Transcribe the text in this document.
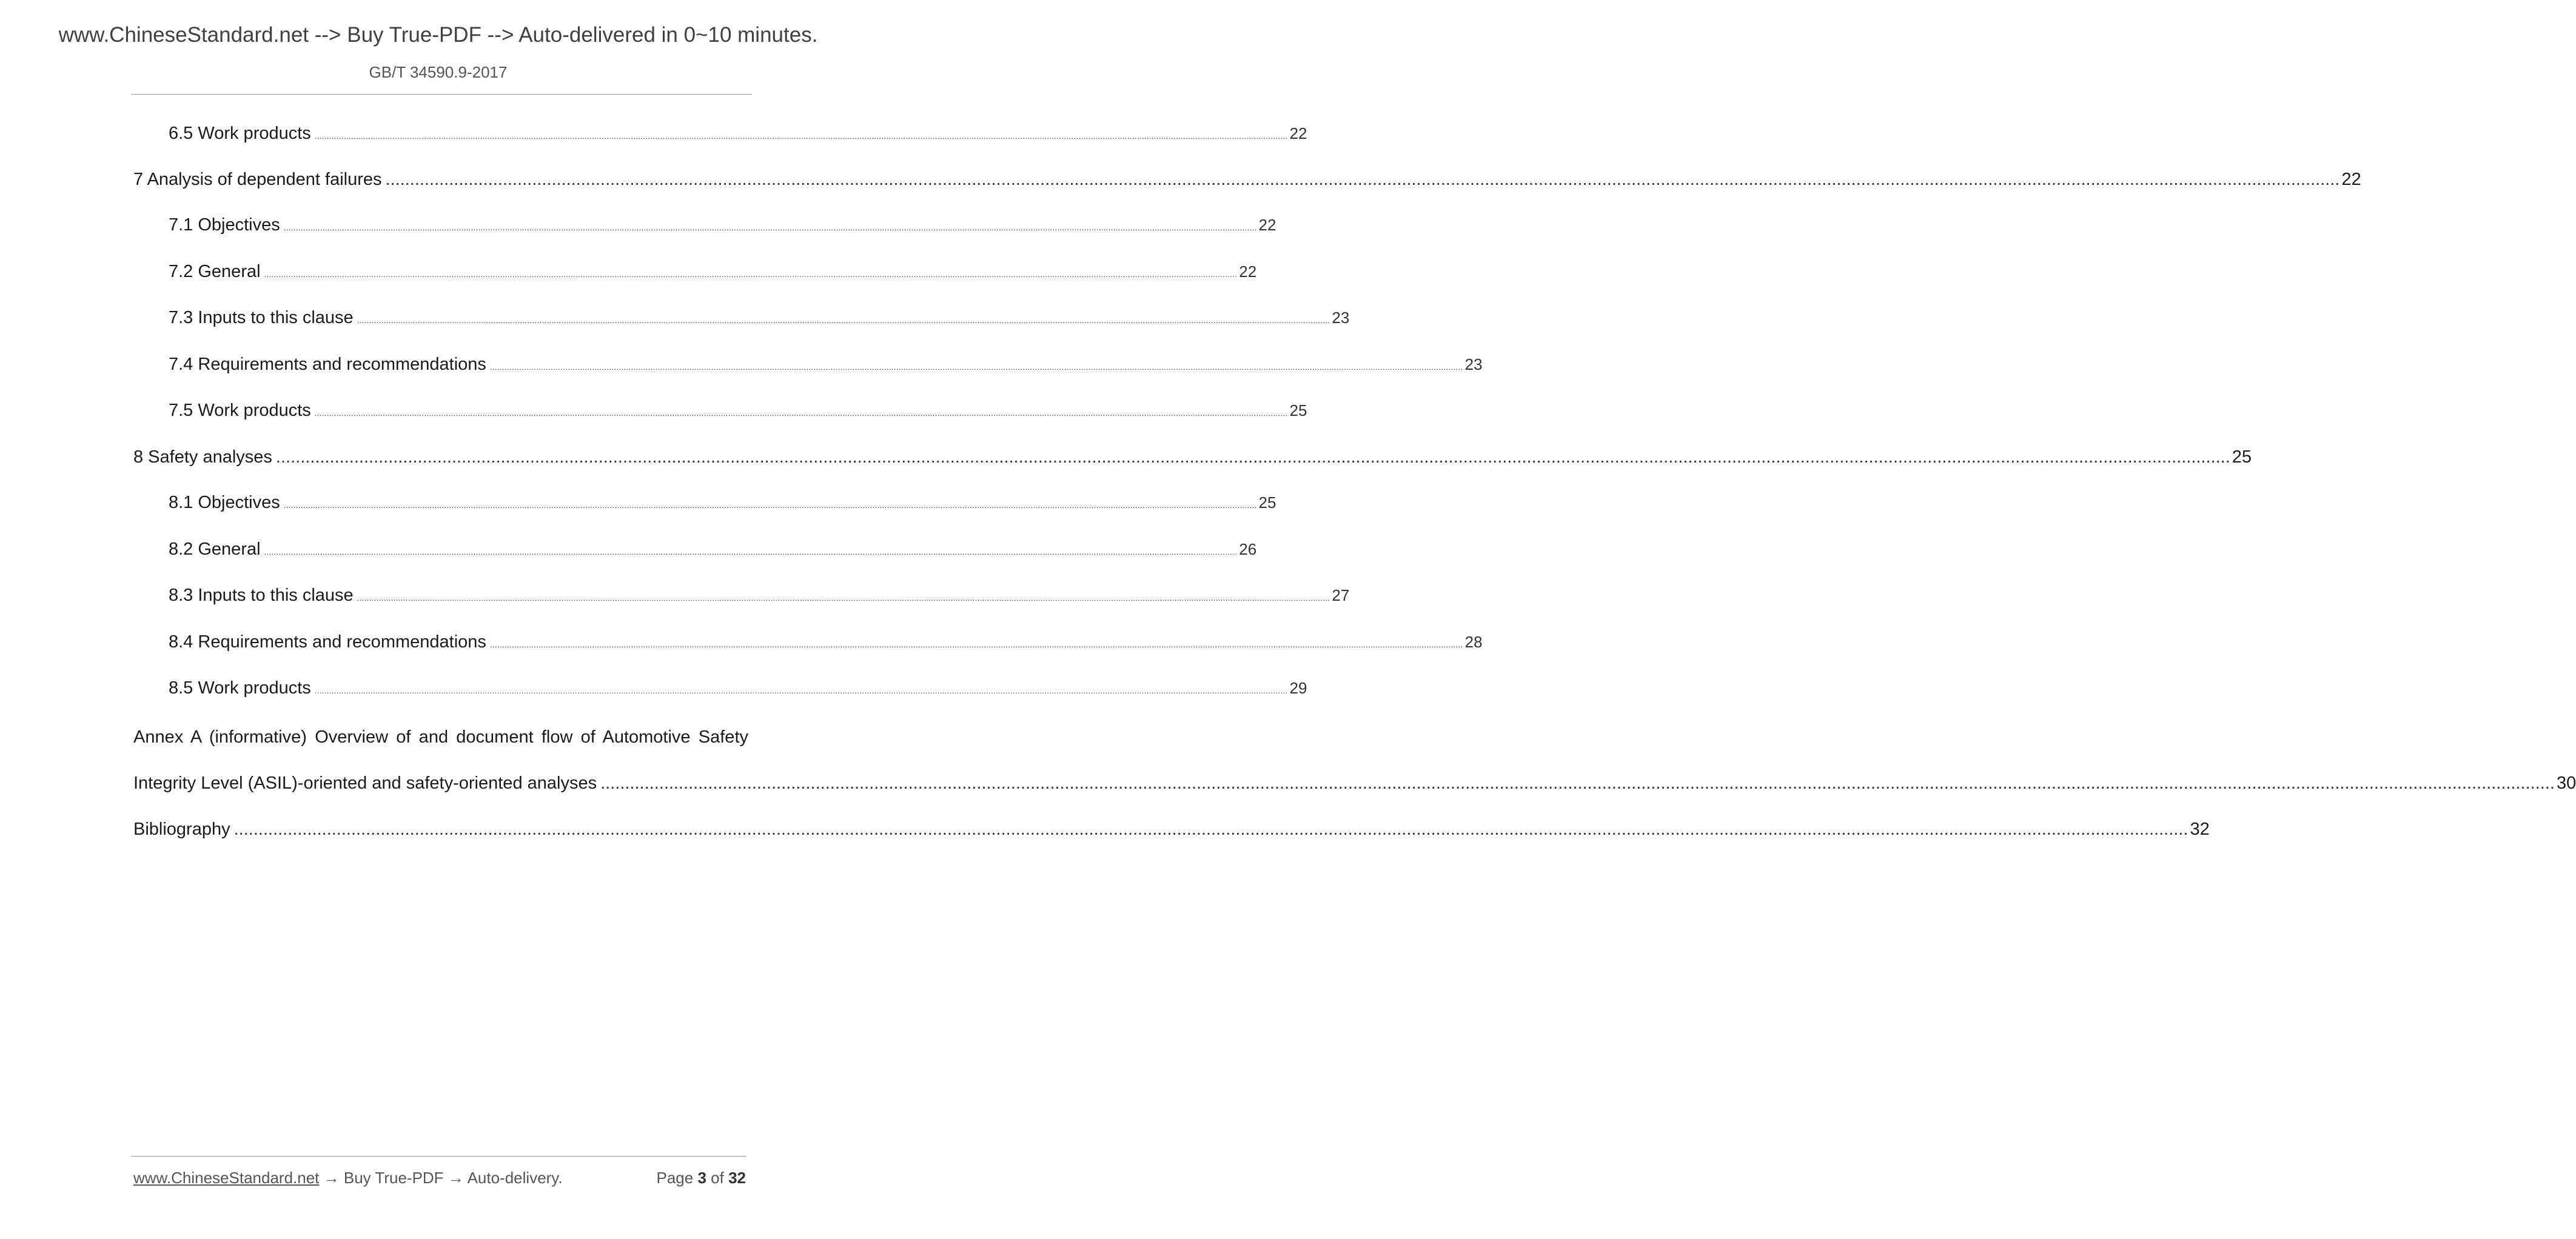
www.ChineseStandard.net --> Buy True-PDF --> Auto-delivered in 0~10 minutes.
GB/T 34590.9-2017
6.5 Work products ................................................................................................................................................................................................................................................................................................................................................................................................................ 22
7 Analysis of dependent failures ................................................................................................................................................................................................................................................................................................................................................................................................................ 22
7.1 Objectives ................................................................................................................................................................................................................................................................................................................................................................................................................ 22
7.2 General ................................................................................................................................................................................................................................................................................................................................................................................................................ 22
7.3 Inputs to this clause ................................................................................................................................................................................................................................................................................................................................................................................................................ 23
7.4 Requirements and recommendations ................................................................................................................................................................................................................................................................................................................................................................................................................ 23
7.5 Work products ................................................................................................................................................................................................................................................................................................................................................................................................................ 25
8 Safety analyses ................................................................................................................................................................................................................................................................................................................................................................................................................ 25
8.1 Objectives ................................................................................................................................................................................................................................................................................................................................................................................................................ 25
8.2 General ................................................................................................................................................................................................................................................................................................................................................................................................................ 26
8.3 Inputs to this clause ................................................................................................................................................................................................................................................................................................................................................................................................................ 27
8.4 Requirements and recommendations ................................................................................................................................................................................................................................................................................................................................................................................................................ 28
8.5 Work products ................................................................................................................................................................................................................................................................................................................................................................................................................ 29
Annex A (informative) Overview of and document flow of Automotive Safety
Integrity Level (ASIL)-oriented and safety-oriented analyses ................................................................................................................................................................................................................................................................................................................................................................................................................ 30
Bibliography ................................................................................................................................................................................................................................................................................................................................................................................................................ 32
www.ChineseStandard.net → Buy True-PDF → Auto-delivery.	Page 3 of 32
